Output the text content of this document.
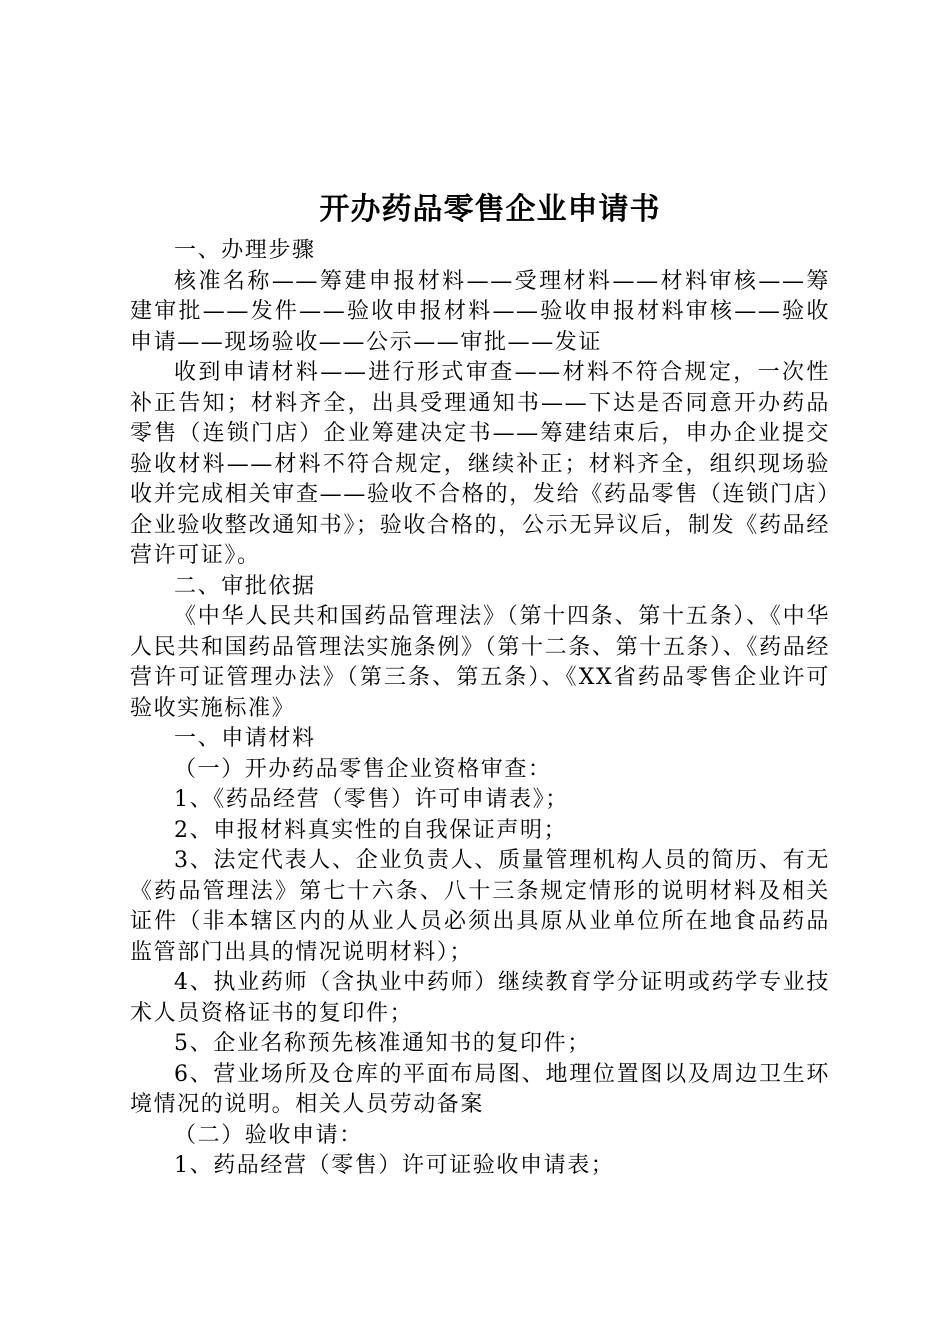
开办药品零售企业申请书

一、办理步骤

核准名称——筹建申报材料——受理材料——材料审核——筹建审批——发件——验收申报材料——验收申报材料审核——验收申请——现场验收——公示——审批——发证

收到申请材料——进行形式审查——材料不符合规定，一次性补正告知；材料齐全，出具受理通知书——下达是否同意开办药品零售（连锁门店）企业筹建决定书——筹建结束后，申办企业提交验收材料——材料不符合规定，继续补正；材料齐全，组织现场验收并完成相关审查——验收不合格的，发给《药品零售（连锁门店）企业验收整改通知书》；验收合格的，公示无异议后，制发《药品经营许可证》。

二、审批依据

《中华人民共和国药品管理法》（第十四条、第十五条）、《中华人民共和国药品管理法实施条例》（第十二条、第十五条）、《药品经营许可证管理办法》（第三条、第五条）、《XX省药品零售企业许可验收实施标准》

一、申请材料

（一）开办药品零售企业资格审查：

1、《药品经营（零售）许可申请表》；

2、申报材料真实性的自我保证声明；

3、法定代表人、企业负责人、质量管理机构人员的简历、有无《药品管理法》第七十六条、八十三条规定情形的说明材料及相关证件（非本辖区内的从业人员必须出具原从业单位所在地食品药品监管部门出具的情况说明材料）；

4、执业药师（含执业中药师）继续教育学分证明或药学专业技术人员资格证书的复印件；

5、企业名称预先核准通知书的复印件；

6、营业场所及仓库的平面布局图、地理位置图以及周边卫生环境情况的说明。相关人员劳动备案

（二）验收申请：

1、药品经营（零售）许可证验收申请表；
